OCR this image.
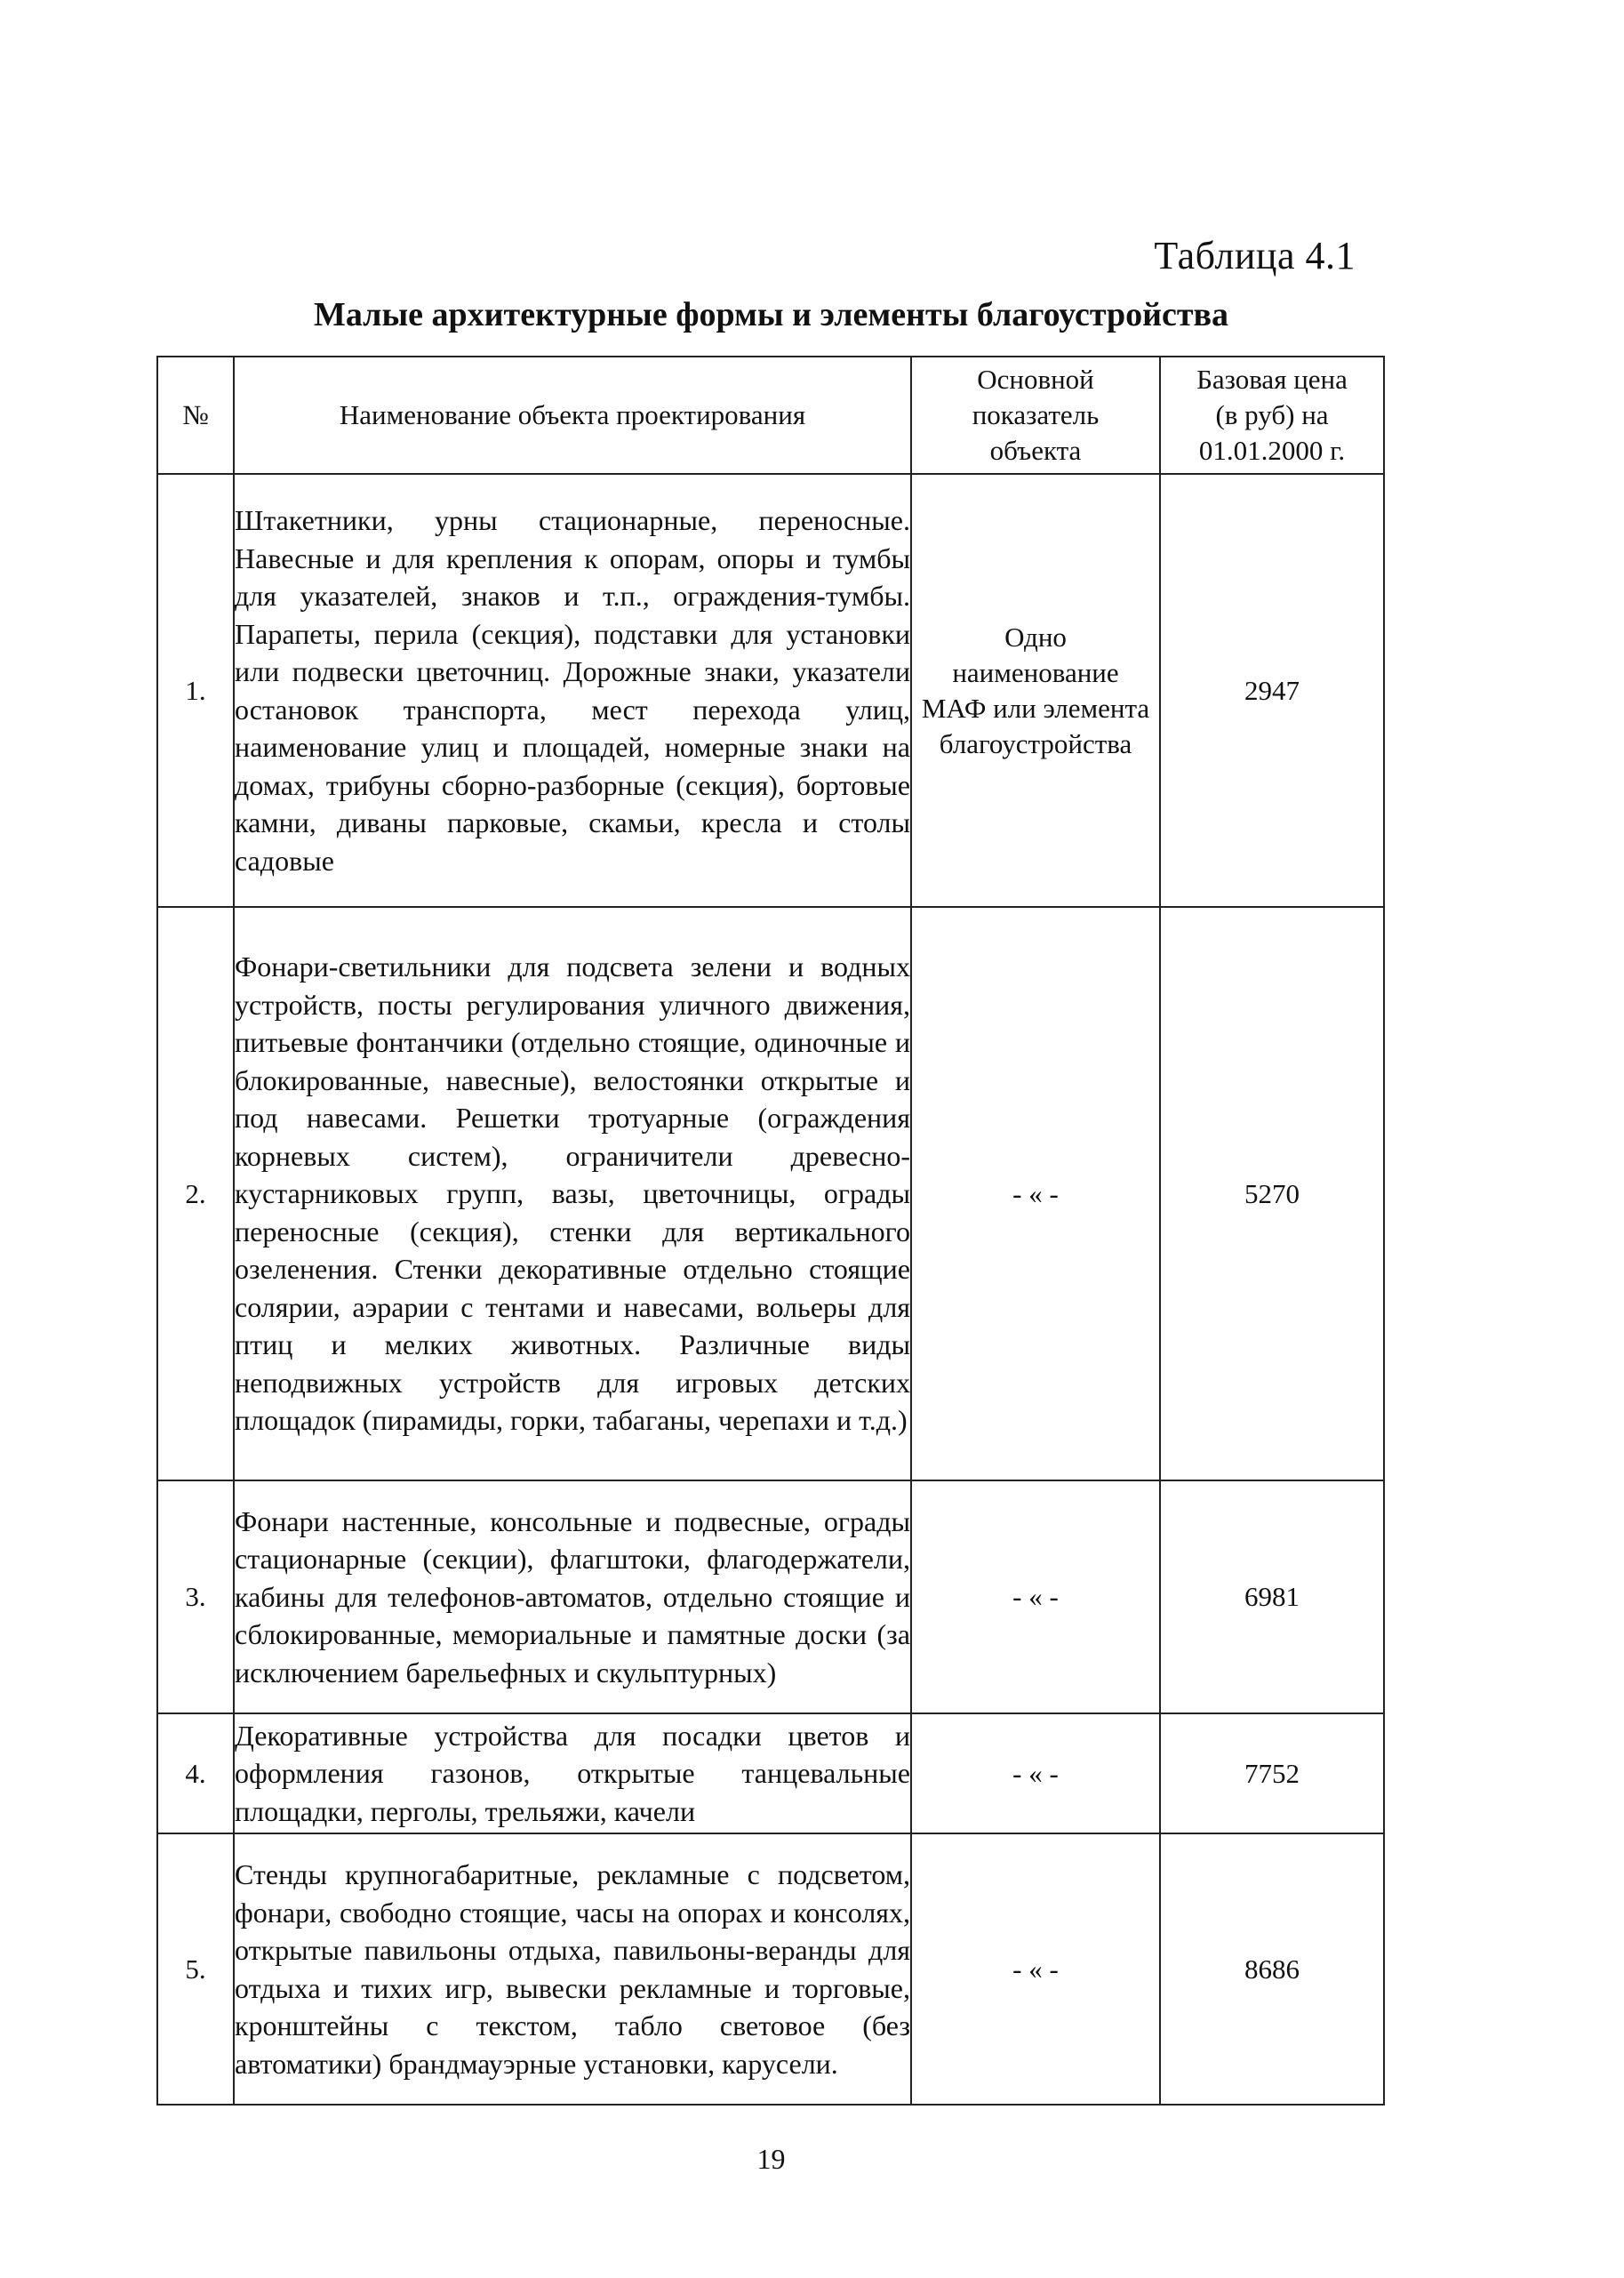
Таблица 4.1
Малые архитектурные формы и элементы благоустройства
№	Наименование объекта проектирования	Основной показатель объекта	Базовая цена (в руб) на 01.01.2000 г.
1.	Штакетники, урны стационарные, переносные. Навесные и для крепления к опорам, опоры и тумбы для указателей, знаков и т.п., ограждения-тумбы. Парапеты, перила (секция), подставки для установки или подвески цветочниц. Дорожные знаки, указатели остановок транспорта, мест перехода улиц, наименование улиц и площадей, номерные знаки на домах, трибуны сборно-разборные (секция), бортовые камни, диваны парковые, скамьи, кресла и столы садовые	Одно наименование МАФ или элемента благоустройства	2947
2.	Фонари-светильники для подсвета зелени и водных устройств, посты регулирования уличного движения, питьевые фонтанчики (отдельно стоящие, одиночные и блокированные, навесные), велостоянки открытые и под навесами. Решетки тротуарные (ограждения корневых систем), ограничители древесно-кустарниковых групп, вазы, цветочницы, ограды переносные (секция), стенки для вертикального озеленения. Стенки декоративные отдельно стоящие солярии, аэрарии с тентами и навесами, вольеры для птиц и мелких животных. Различные виды неподвижных устройств для игровых детских площадок (пирамиды, горки, табаганы, черепахи и т.д.)	- « -	5270
3.	Фонари настенные, консольные и подвесные, ограды стационарные (секции), флагштоки, флагодержатели, кабины для телефонов-автоматов, отдельно стоящие и сблокированные, мемориальные и памятные доски (за исключением барельефных и скульптурных)	- « -	6981
4.	Декоративные устройства для посадки цветов и оформления газонов, открытые танцевальные площадки, перголы, трельяжи, качели	- « -	7752
5.	Стенды крупногабаритные, рекламные с подсветом, фонари, свободно стоящие, часы на опорах и консолях, открытые павильоны отдыха, павильоны-веранды для отдыха и тихих игр, вывески рекламные и торговые, кронштейны с текстом, табло световое (без автоматики) брандмауэрные установки, карусели.	- « -	8686
19
